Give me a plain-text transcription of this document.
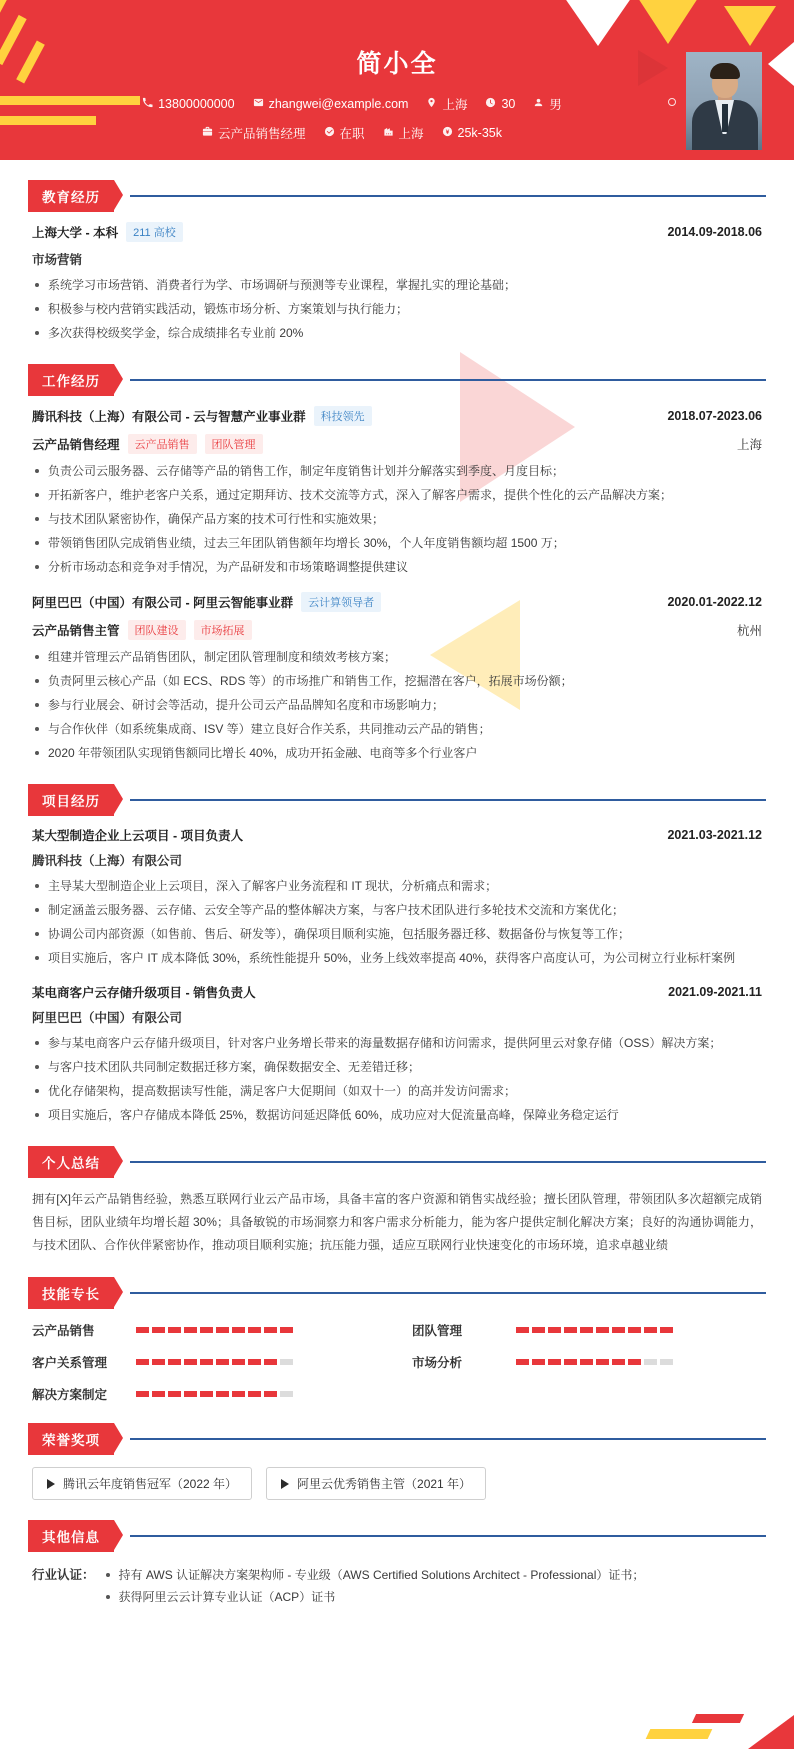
简小全
13800000000	zhangwei@example.com	上海	30	男
云产品销售经理	在职	上海	25k-35k
教育经历
上海大学 - 本科	211 高校	2014.09-2018.06
市场营销
系统学习市场营销、消费者行为学、市场调研与预测等专业课程，掌握扎实的理论基础；
积极参与校内营销实践活动，锻炼市场分析、方案策划与执行能力；
多次获得校级奖学金，综合成绩排名专业前 20%
工作经历
腾讯科技（上海）有限公司 - 云与智慧产业事业群	科技领先	2018.07-2023.06
云产品销售经理	云产品销售	团队管理	上海
负责公司云服务器、云存储等产品的销售工作，制定年度销售计划并分解落实到季度、月度目标；
开拓新客户，维护老客户关系，通过定期拜访、技术交流等方式，深入了解客户需求，提供个性化的云产品解决方案；
与技术团队紧密协作，确保产品方案的技术可行性和实施效果；
带领销售团队完成销售业绩，过去三年团队销售额年均增长 30%，个人年度销售额均超 1500 万；
分析市场动态和竞争对手情况，为产品研发和市场策略调整提供建议
阿里巴巴（中国）有限公司 - 阿里云智能事业群	云计算领导者	2020.01-2022.12
云产品销售主管	团队建设	市场拓展	杭州
组建并管理云产品销售团队，制定团队管理制度和绩效考核方案；
负责阿里云核心产品（如 ECS、RDS 等）的市场推广和销售工作，挖掘潜在客户，拓展市场份额；
参与行业展会、研讨会等活动，提升公司云产品品牌知名度和市场影响力；
与合作伙伴（如系统集成商、ISV 等）建立良好合作关系，共同推动云产品的销售；
2020 年带领团队实现销售额同比增长 40%，成功开拓金融、电商等多个行业客户
项目经历
某大型制造企业上云项目 - 项目负责人	2021.03-2021.12
腾讯科技（上海）有限公司
主导某大型制造企业上云项目，深入了解客户业务流程和 IT 现状，分析痛点和需求；
制定涵盖云服务器、云存储、云安全等产品的整体解决方案，与客户技术团队进行多轮技术交流和方案优化；
协调公司内部资源（如售前、售后、研发等），确保项目顺利实施，包括服务器迁移、数据备份与恢复等工作；
项目实施后，客户 IT 成本降低 30%，系统性能提升 50%，业务上线效率提高 40%，获得客户高度认可，为公司树立行业标杆案例
某电商客户云存储升级项目 - 销售负责人	2021.09-2021.11
阿里巴巴（中国）有限公司
参与某电商客户云存储升级项目，针对客户业务增长带来的海量数据存储和访问需求，提供阿里云对象存储（OSS）解决方案；
与客户技术团队共同制定数据迁移方案，确保数据安全、无差错迁移；
优化存储架构，提高数据读写性能，满足客户大促期间（如双十一）的高并发访问需求；
项目实施后，客户存储成本降低 25%，数据访问延迟降低 60%，成功应对大促流量高峰，保障业务稳定运行
个人总结
拥有[X]年云产品销售经验，熟悉互联网行业云产品市场，具备丰富的客户资源和销售实战经验；擅长团队管理，带领团队多次超额完成销售目标，团队业绩年均增长超 30%；具备敏锐的市场洞察力和客户需求分析能力，能为客户提供定制化解决方案；良好的沟通协调能力，与技术团队、合作伙伴紧密协作，推动项目顺利实施；抗压能力强，适应互联网行业快速变化的市场环境，追求卓越业绩
技能专长
云产品销售	团队管理
客户关系管理	市场分析
解决方案制定
荣誉奖项
腾讯云年度销售冠军（2022 年）	阿里云优秀销售主管（2021 年）
其他信息
行业认证：	持有 AWS 认证解决方案架构师 - 专业级（AWS Certified Solutions Architect - Professional）证书；
获得阿里云云计算专业认证（ACP）证书
